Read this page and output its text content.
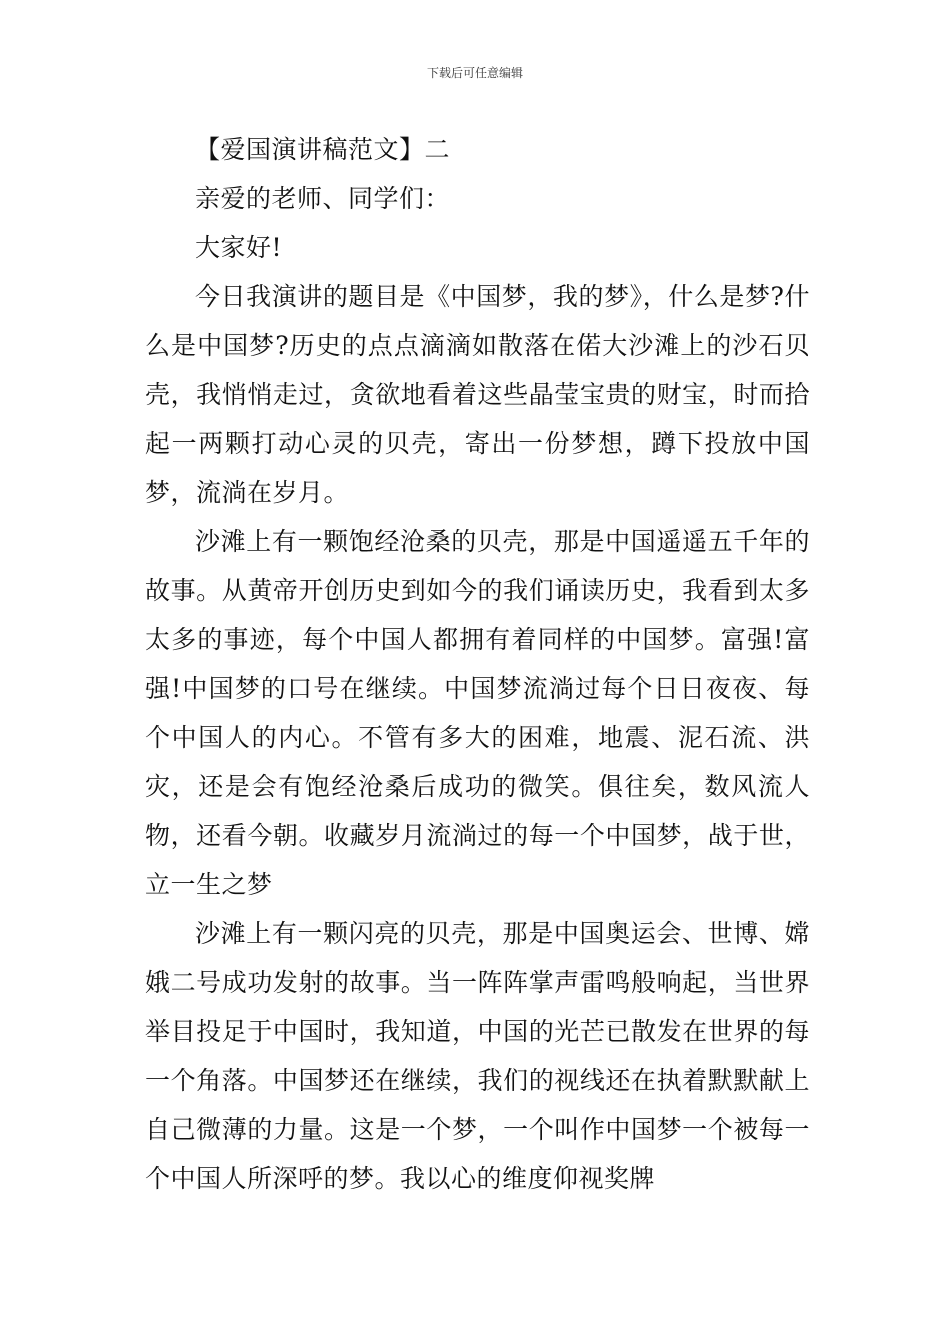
下载后可任意编辑

【爱国演讲稿范文】二

亲爱的老师、同学们：

大家好!

今日我演讲的题目是《中国梦，我的梦》，什么是梦?什么是中国梦?历史的点点滴滴如散落在偌大沙滩上的沙石贝壳，我悄悄走过，贪欲地看着这些晶莹宝贵的财宝，时而拾起一两颗打动心灵的贝壳，寄出一份梦想，蹲下投放中国梦，流淌在岁月。

沙滩上有一颗饱经沧桑的贝壳，那是中国遥遥五千年的故事。从黄帝开创历史到如今的我们诵读历史，我看到太多太多的事迹，每个中国人都拥有着同样的中国梦。富强!富强!中国梦的口号在继续。中国梦流淌过每个日日夜夜、每个中国人的内心。不管有多大的困难，地震、泥石流、洪灾，还是会有饱经沧桑后成功的微笑。俱往矣，数风流人物，还看今朝。收藏岁月流淌过的每一个中国梦，战于世，立一生之梦

沙滩上有一颗闪亮的贝壳，那是中国奥运会、世博、嫦娥二号成功发射的故事。当一阵阵掌声雷鸣般响起，当世界举目投足于中国时，我知道，中国的光芒已散发在世界的每一个角落。中国梦还在继续，我们的视线还在执着默默献上自己微薄的力量。这是一个梦，一个叫作中国梦一个被每一个中国人所深呼的梦。我以心的维度仰视奖牌
